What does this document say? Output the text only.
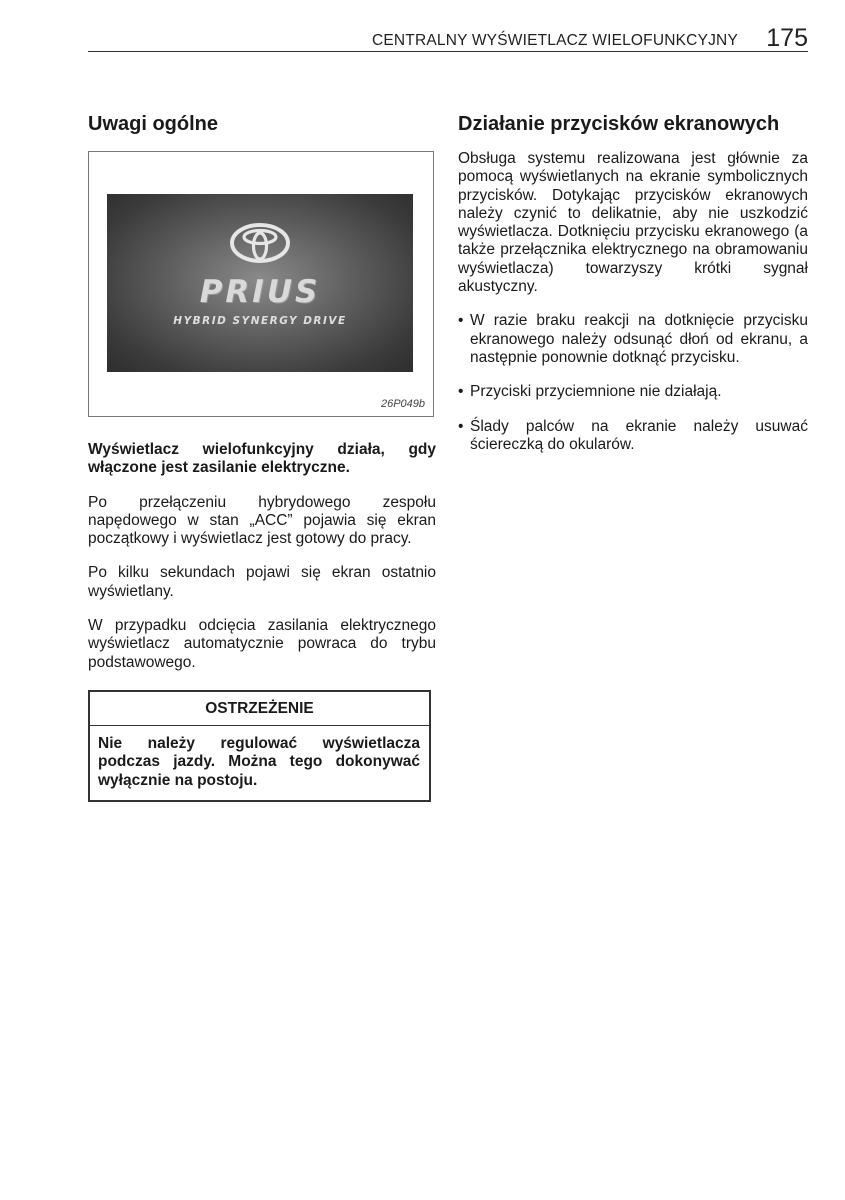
CENTRALNY WYŚWIETLACZ WIELOFUNKCYJNY 175
Uwagi ogólne
PRIUS
HYBRID SYNERGY DRIVE
26P049b

Wyświetlacz wielofunkcyjny działa, gdy włączone jest zasilanie elektryczne.

Po przełączeniu hybrydowego zespołu napędowego w stan „ACC” pojawia się ekran początkowy i wyświetlacz jest gotowy do pracy.

Po kilku sekundach pojawi się ekran ostatnio wyświetlany.

W przypadku odcięcia zasilania elektrycznego wyświetlacz automatycznie powraca do trybu podstawowego.

OSTRZEŻENIE
Nie należy regulować wyświetlacza podczas jazdy. Można tego dokonywać wyłącznie na postoju.
Działanie przycisków ekranowych

Obsługa systemu realizowana jest głównie za pomocą wyświetlanych na ekranie symbolicznych przycisków. Dotykając przycisków ekranowych należy czynić to delikatnie, aby nie uszkodzić wyświetlacza. Dotknięciu przycisku ekranowego (a także przełącznika elektrycznego na obramowaniu wyświetlacza) towarzyszy krótki sygnał akustyczny.

• W razie braku reakcji na dotknięcie przycisku ekranowego należy odsunąć dłoń od ekranu, a następnie ponownie dotknąć przycisku.
• Przyciski przyciemnione nie działają.
• Ślady palców na ekranie należy usuwać ściereczką do okularów.
